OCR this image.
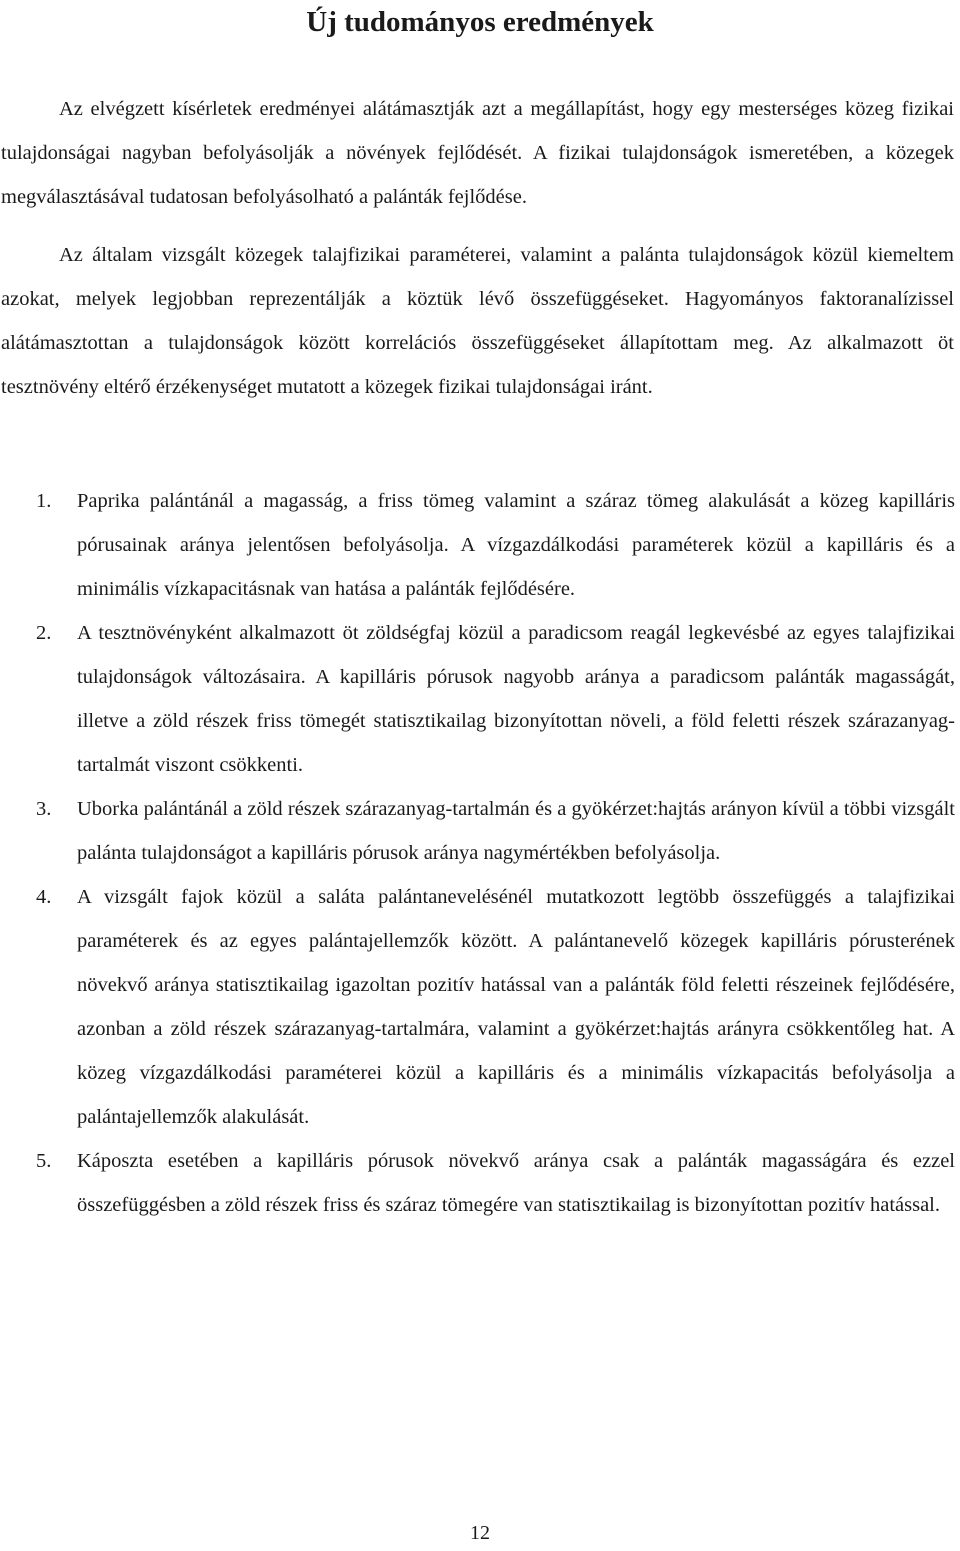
Új tudományos eredmények

Az elvégzett kísérletek eredményei alátámasztják azt a megállapítást, hogy egy mesterséges közeg fizikai tulajdonságai nagyban befolyásolják a növények fejlődését. A fizikai tulajdonságok ismeretében, a közegek megválasztásával tudatosan befolyásolható a palánták fejlődése.

Az általam vizsgált közegek talajfizikai paraméterei, valamint a palánta tulajdonságok közül kiemeltem azokat, melyek legjobban reprezentálják a köztük lévő összefüggéseket. Hagyományos faktoranalízissel alátámasztottan a tulajdonságok között korrelációs összefüggéseket állapítottam meg. Az alkalmazott öt tesztnövény eltérő érzékenységet mutatott a közegek fizikai tulajdonságai iránt.

1. Paprika palántánál a magasság, a friss tömeg valamint a száraz tömeg alakulását a közeg kapilláris pórusainak aránya jelentősen befolyásolja. A vízgazdálkodási paraméterek közül a kapilláris és a minimális vízkapacitásnak van hatása a palánták fejlődésére.
2. A tesztnövényként alkalmazott öt zöldségfaj közül a paradicsom reagál legkevésbé az egyes talajfizikai tulajdonságok változásaira. A kapilláris pórusok nagyobb aránya a paradicsom palánták magasságát, illetve a zöld részek friss tömegét statisztikailag bizonyítottan növeli, a föld feletti részek szárazanyag-tartalmát viszont csökkenti.
3. Uborka palántánál a zöld részek szárazanyag-tartalmán és a gyökérzet:hajtás arányon kívül a többi vizsgált palánta tulajdonságot a kapilláris pórusok aránya nagymértékben befolyásolja.
4. A vizsgált fajok közül a saláta palántanevelésénél mutatkozott legtöbb összefüggés a talajfizikai paraméterek és az egyes palántajellemzők között. A palántanevelő közegek kapilláris pórusterének növekvő aránya statisztikailag igazoltan pozitív hatással van a palánták föld feletti részeinek fejlődésére, azonban a zöld részek szárazanyag-tartalmára, valamint a gyökérzet:hajtás arányra csökkentőleg hat. A közeg vízgazdálkodási paraméterei közül a kapilláris és a minimális vízkapacitás befolyásolja a palántajellemzők alakulását.
5. Káposzta esetében a kapilláris pórusok növekvő aránya csak a palánták magasságára és ezzel összefüggésben a zöld részek friss és száraz tömegére van statisztikailag is bizonyítottan pozitív hatással.
12
